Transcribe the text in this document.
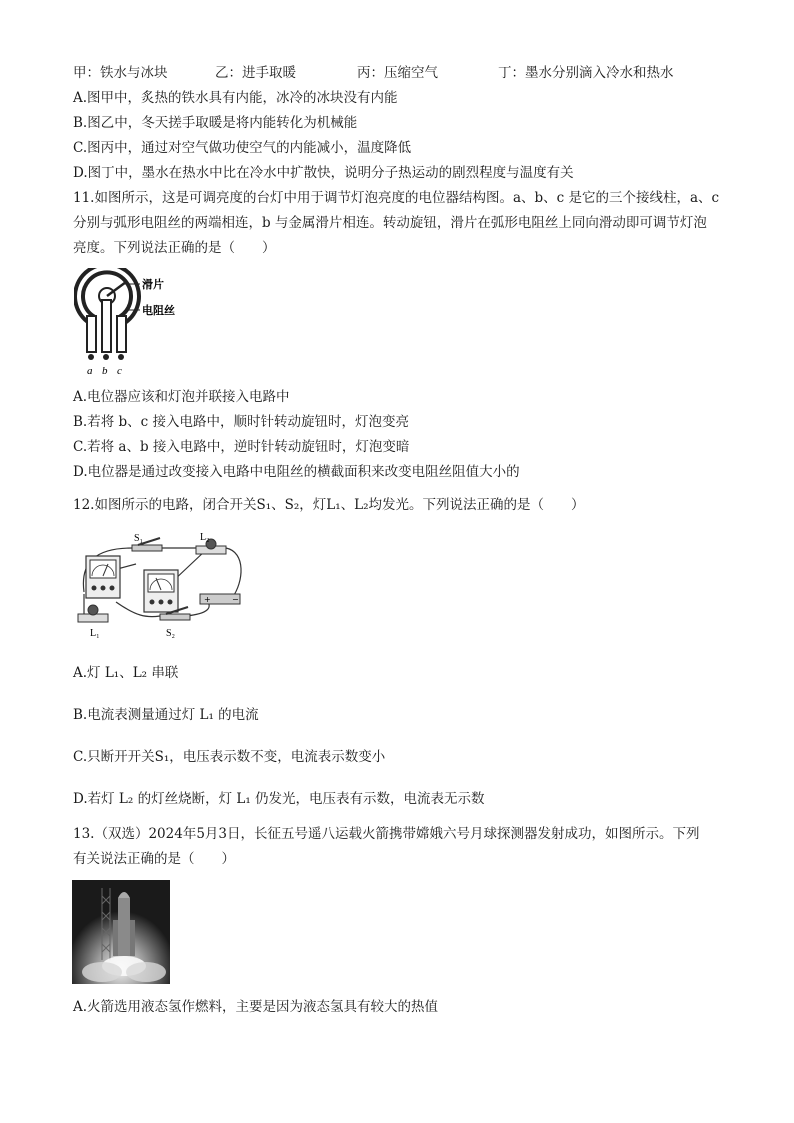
甲：铁水与冰块	乙：进手取暖	丙：压缩空气	丁：墨水分别滴入冷水和热水
A.图甲中，炙热的铁水具有内能，冰冷的冰块没有内能
B.图乙中，冬天搓手取暖是将内能转化为机械能
C.图丙中，通过对空气做功使空气的内能减小，温度降低
D.图丁中，墨水在热水中比在冷水中扩散快，说明分子热运动的剧烈程度与温度有关
11.如图所示，这是可调亮度的台灯中用于调节灯泡亮度的电位器结构图。a、b、c 是它的三个接线柱，a、c
分别与弧形电阻丝的两端相连，b 与金属滑片相连。转动旋钮，滑片在弧形电阻丝上同向滑动即可调节灯泡
亮度。下列说法正确的是（　　）
滑片
电阻丝
a b c
A.电位器应该和灯泡并联接入电路中
B.若将 b、c 接入电路中，顺时针转动旋钮时，灯泡变亮
C.若将 a、b 接入电路中，逆时针转动旋钮时，灯泡变暗
D.电位器是通过改变接入电路中电阻丝的横截面积来改变电阻丝阻值大小的
12.如图所示的电路，闭合开关S₁、S₂，灯L₁、L₂均发光。下列说法正确的是（　　）
S₁	L₂
+	−
L₁	S₂
A.灯 L₁、L₂ 串联
B.电流表测量通过灯 L₁ 的电流
C.只断开开关S₁，电压表示数不变，电流表示数变小
D.若灯 L₂ 的灯丝烧断，灯 L₁ 仍发光，电压表有示数，电流表无示数
13.（双选）2024年5月3日，长征五号遥八运载火箭携带嫦娥六号月球探测器发射成功，如图所示。下列
有关说法正确的是（　　）
A.火箭选用液态氢作燃料，主要是因为液态氢具有较大的热值
